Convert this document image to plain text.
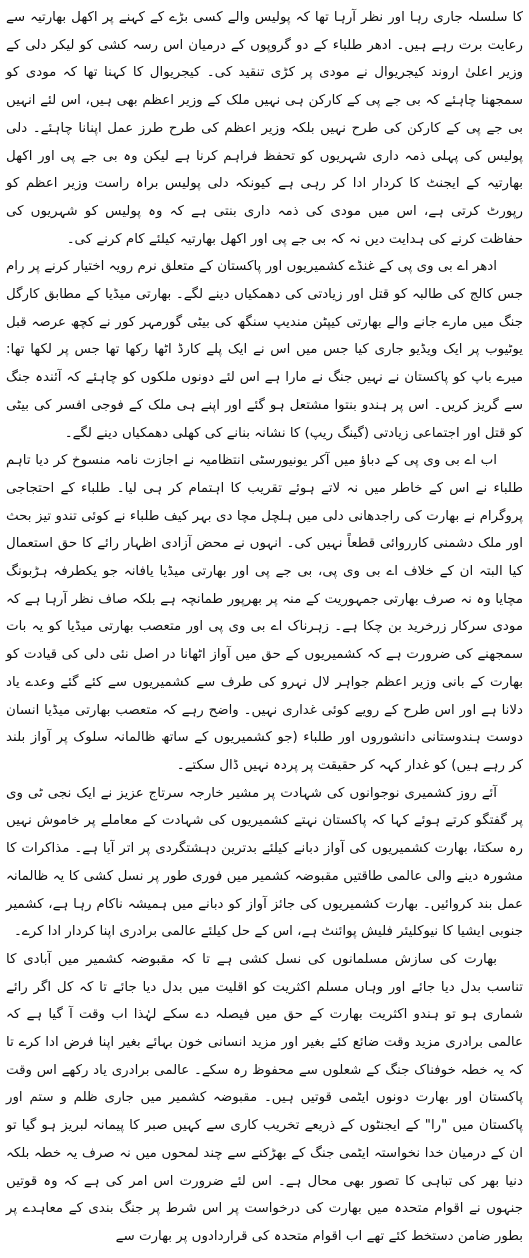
کا سلسلہ جاری رہا اور نظر آرہا تھا کہ پولیس والے کسی بڑے کے کہنے پر اکھل بھارتیہ سے رعایت برت رہے ہیں۔ ادھر طلباء کے دو گروپوں کے درمیان اس رسہ کشی کو لیکر دلی کے وزیر اعلیٰ اروند کیجریوال نے مودی پر کڑی تنقید کی۔ کیجریوال کا کہنا تھا کہ مودی کو سمجھنا چاہئے کہ بی جے پی کے کارکن ہی نہیں ملک کے وزیر اعظم بھی ہیں، اس لئے انہیں بی جے پی کے کارکن کی طرح نہیں بلکہ وزیر اعظم کی طرح طرز عمل اپنانا چاہئے۔ دلی پولیس کی پہلی ذمہ داری شہریوں کو تحفظ فراہم کرنا ہے لیکن وہ بی جے پی اور اکھل بھارتیہ کے ایجنٹ کا کردار ادا کر رہی ہے کیونکہ دلی پولیس براہ راست وزیر اعظم کو رپورٹ کرتی ہے، اس میں مودی کی ذمہ داری بنتی ہے کہ وہ پولیس کو شہریوں کی حفاظت کرنے کی ہدایت دیں نہ کہ بی جے پی اور اکھل بھارتیہ کیلئے کام کرنے کی۔

ادھر اے بی وی پی کے غنڈے کشمیریوں اور پاکستان کے متعلق نرم رویہ اختیار کرنے پر رام جس کالج کی طالبہ کو قتل اور زیادتی کی دھمکیاں دینے لگے۔ بھارتی میڈیا کے مطابق کارگل جنگ میں مارے جانے والے بھارتی کیپٹن مندیپ سنگھ کی بیٹی گورمہر کور نے کچھ عرصہ قبل یوٹیوب پر ایک ویڈیو جاری کیا جس میں اس نے ایک پلے کارڈ اٹھا رکھا تھا جس پر لکھا تھا: میرے باپ کو پاکستان نے نہیں جنگ نے مارا ہے اس لئے دونوں ملکوں کو چاہئے کہ آئندہ جنگ سے گریز کریں۔ اس پر ہندو بنتوا مشتعل ہو گئے اور اپنے ہی ملک کے فوجی افسر کی بیٹی کو قتل اور اجتماعی زیادتی (گینگ ریپ) کا نشانہ بنانے کی کھلی دھمکیاں دینے لگے۔

اب اے بی وی پی کے دباؤ میں آکر یونیورسٹی انتظامیہ نے اجازت نامہ منسوخ کر دیا تاہم طلباء نے اس کے خاطر میں نہ لاتے ہوئے تقریب کا اہتمام کر ہی لیا۔ طلباء کے احتجاجی پروگرام نے بھارت کی راجدھانی دلی میں ہلچل مچا دی بہر کیف طلباء نے کوئی تندو تیز بحث اور ملک دشمنی کارروائی قطعاً نہیں کی۔ انہوں نے محض آزادی اظہار رائے کا حق استعمال کیا البتہ ان کے خلاف اے بی وی پی، بی جے پی اور بھارتی میڈیا یافانہ جو یکطرفہ ہڑبونگ مچایا وہ نہ صرف بھارتی جمہوریت کے منہ پر بھرپور طمانچہ ہے بلکہ صاف نظر آرہا ہے کہ مودی سرکار زرخرید بن چکا ہے۔ زہرناک اے بی وی پی اور متعصب بھارتی میڈیا کو یہ بات سمجھنے کی ضرورت ہے کہ کشمیریوں کے حق میں آواز اٹھانا در اصل نئی دلی کی قیادت کو بھارت کے بانی وزیر اعظم جواہر لال نہرو کی طرف سے کشمیریوں سے کئے گئے وعدے یاد دلانا ہے اور اس طرح کے رویے کوئی غداری نہیں۔ واضح رہے کہ متعصب بھارتی میڈیا انسان دوست ہندوستانی دانشوروں اور طلباء (جو کشمیریوں کے ساتھ ظالمانہ سلوک پر آواز بلند کر رہے ہیں) کو غدار کہہ کر حقیقت پر پردہ نہیں ڈال سکتے۔

آئے روز کشمیری نوجوانوں کی شہادت پر مشیر خارجہ سرتاج عزیز نے ایک نجی ٹی وی پر گفتگو کرتے ہوئے کہا کہ پاکستان نہتے کشمیریوں کی شہادت کے معاملے پر خاموش نہیں رہ سکتا، بھارت کشمیریوں کی آواز دبانے کیلئے بدترین دہشتگردی پر اتر آیا ہے۔ مذاکرات کا مشورہ دینے والی عالمی طاقتیں مقبوضہ کشمیر میں فوری طور پر نسل کشی کا یہ ظالمانہ عمل بند کروائیں۔ بھارت کشمیریوں کی جائز آواز کو دبانے میں ہمیشہ ناکام رہا ہے، کشمیر جنوبی ایشیا کا نیوکلیئر فلیش پوائنٹ ہے، اس کے حل کیلئے عالمی برادری اپنا کردار ادا کرے۔

بھارت کی سازش مسلمانوں کی نسل کشی ہے تا کہ مقبوضہ کشمیر میں آبادی کا تناسب بدل دیا جائے اور وہاں مسلم اکثریت کو اقلیت میں بدل دیا جائے تا کہ کل اگر رائے شماری ہو تو ہندو اکثریت بھارت کے حق میں فیصلہ دے سکے لہٰذا اب وقت آ گیا ہے کہ عالمی برادری مزید وقت ضائع کئے بغیر اور مزید انسانی خون بہائے بغیر اپنا فرض ادا کرے تا کہ یہ خطہ خوفناک جنگ کے شعلوں سے محفوظ رہ سکے۔ عالمی برادری یاد رکھے اس وقت پاکستان اور بھارت دونوں ایٹمی قوتیں ہیں۔ مقبوضہ کشمیر میں جاری ظلم و ستم اور پاکستان میں "را" کے ایجنٹوں کے ذریعے تخریب کاری سے کہیں صبر کا پیمانہ لبریز ہو گیا تو ان کے درمیان خدا نخواستہ ایٹمی جنگ کے بھڑکنے سے چند لمحوں میں نہ صرف یہ خطہ بلکہ دنیا بھر کی تباہی کا تصور بھی محال ہے۔ اس لئے ضرورت اس امر کی ہے کہ وہ قوتیں جنہوں نے اقوام متحدہ میں بھارت کی درخواست پر اس شرط پر جنگ بندی کے معاہدے پر بطور ضامن دستخط کئے تھے اب اقوام متحدہ کی قراردادوں پر بھارت سے
